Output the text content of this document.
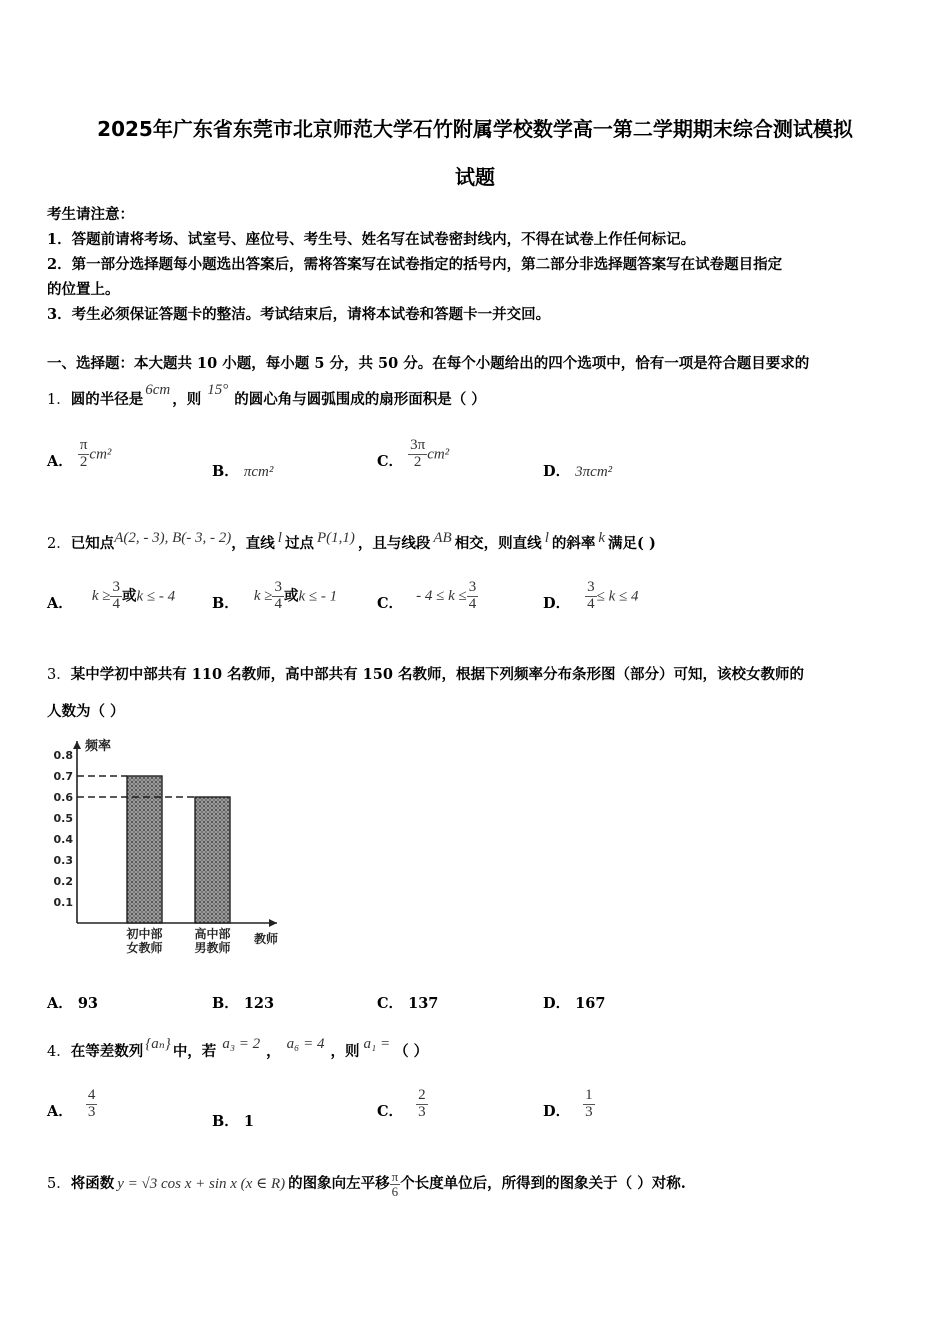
2025年广东省东莞市北京师范大学石竹附属学校数学高一第二学期期末综合测试模拟
试题
考生请注意：
1．答题前请将考场、试室号、座位号、考生号、姓名写在试卷密封线内，不得在试卷上作任何标记。
2．第一部分选择题每小题选出答案后，需将答案写在试卷指定的括号内，第二部分非选择题答案写在试卷题目指定
的位置上。
3．考生必须保证答题卡的整洁。考试结束后，请将本试卷和答题卡一并交回。
一、选择题：本大题共 10 小题，每小题 5 分，共 50 分。在每个小题给出的四个选项中，恰有一项是符合题目要求的
1．圆的半径是6cm，则15°的圆心角与圆弧围成的扇形面积是（ ）
A． $\frac{\pi}{2} cm^2$
B． πcm²
C． $\frac{3\pi}{2} cm^2$
D． 3πcm²
2．已知点A(2, - 3), B(- 3, - 2)，直线 l 过点 P(1,1) ，且与线段 AB 相交，则直线 l 的斜率 k 满足( )
A． $k \ge \frac{3}{4}$ 或k ≤ - 4	B． $k \ge \frac{3}{4}$ 或k ≤ - 1	C． - $4 \le k \le \frac{3}{4}$	D． $\frac{3}{4} \le k \le 4$
3．某中学初中部共有 110 名教师，高中部共有 150 名教师，根据下列频率分布条形图（部分）可知，该校女教师的
人数为（ ）
频率
教师
0.1
0.2
0.3
0.4
0.5
0.6
0.7
0.8
初中部
女教师
高中部
男教师
A． 93	B． 123	C． 137	D． 167
4．在等差数列 {aₙ} 中，若 a₃ = 2 ， a₆ = 4 ，则 a₁ = （ ）
A． $\frac{4}{3}$
B． 1
C． $\frac{2}{3}$	D． $\frac{1}{3}$
5．将函数 y = √3 cos x + sin x (x ∈ R) 的图象向左平移 $\frac{\pi}{6}$ 个长度单位后，所得到的图象关于（ ）对称.
